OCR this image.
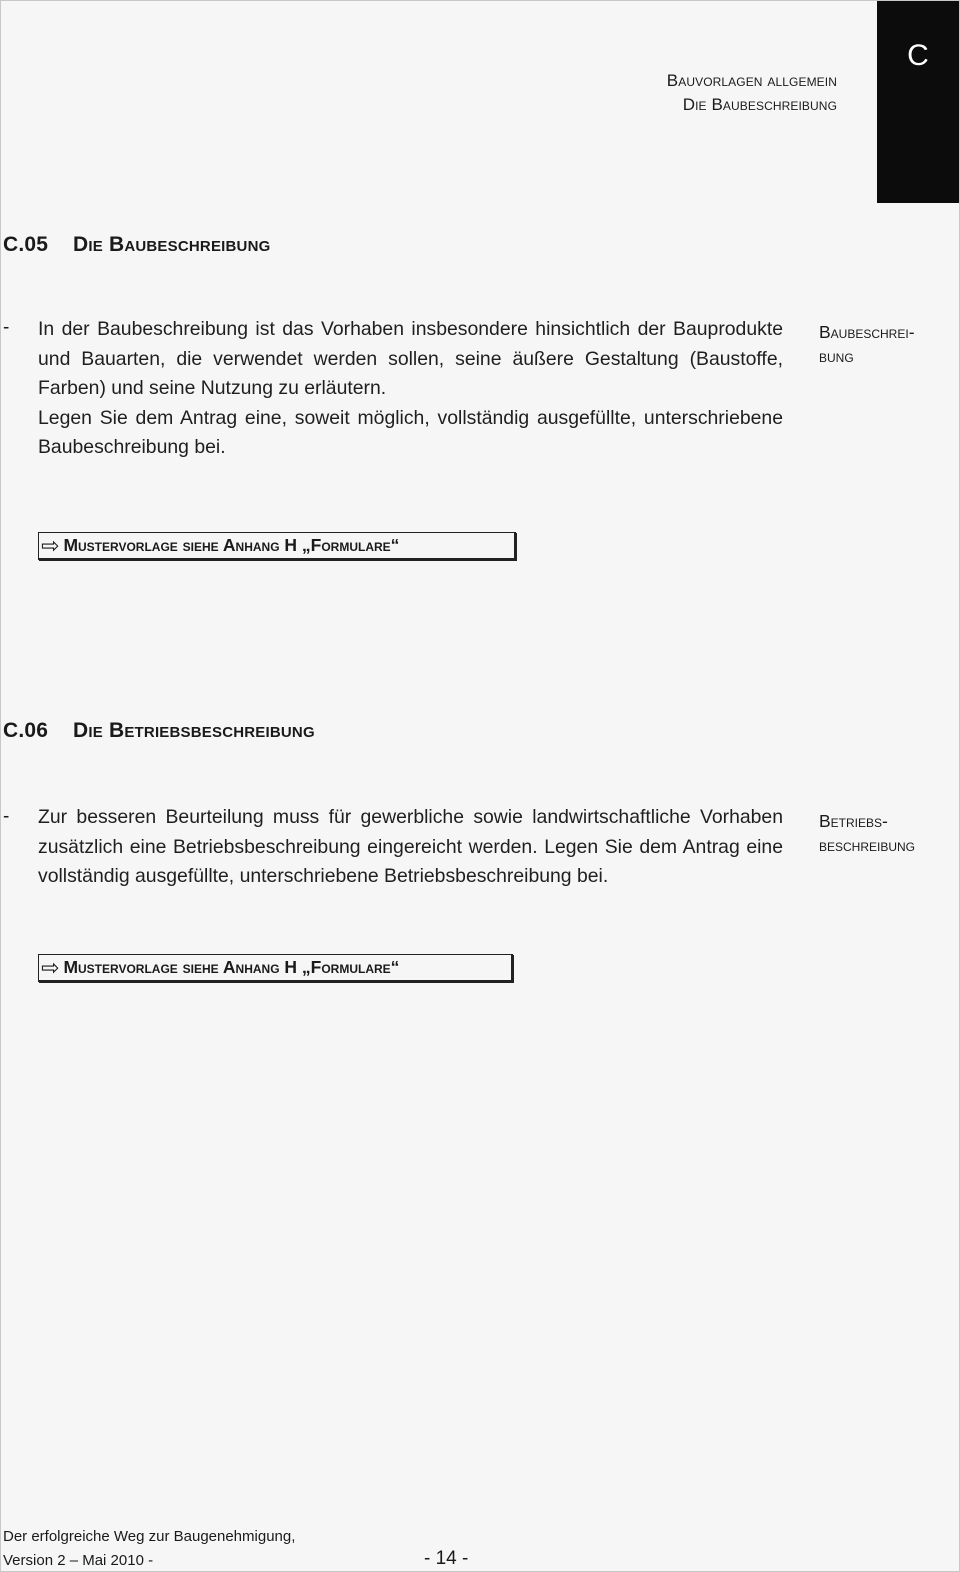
C
Bauvorlagen allgemein
Die Baubeschreibung
C.05 Die Baubeschreibung
- In der Baubeschreibung ist das Vorhaben insbesondere hinsichtlich der Bauprodukte und Bauarten, die verwendet werden sollen, seine äußere Gestaltung (Baustoffe, Farben) und seine Nutzung zu erläutern.

Legen Sie dem Antrag eine, soweit möglich, vollständig ausgefüllte, unterschriebene Baubeschreibung bei.

Baubeschrei-
bung
⇨ Mustervorlage siehe Anhang H „Formulare“
C.06 Die Betriebsbeschreibung
- Zur besseren Beurteilung muss für gewerbliche sowie landwirtschaftliche Vorhaben zusätzlich eine Betriebsbeschreibung eingereicht werden. Legen Sie dem Antrag eine vollständig ausgefüllte, unterschriebene Betriebsbeschreibung bei.

Betriebs-
beschreibung
⇨ Mustervorlage siehe Anhang H „Formulare“
Der erfolgreiche Weg zur Baugenehmigung,
Version 2 – Mai 2010 -	- 14 -
